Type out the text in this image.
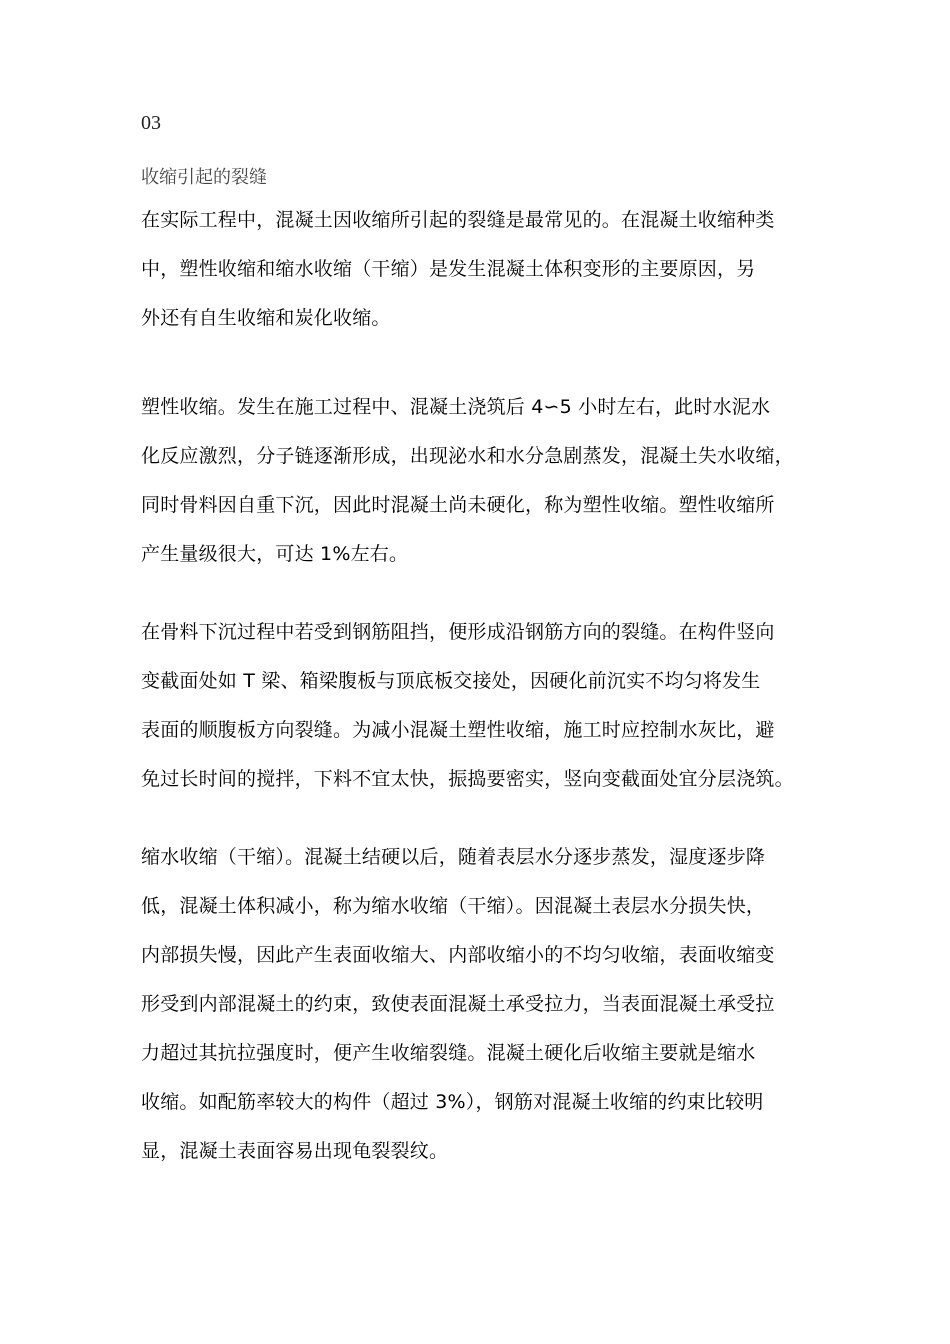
03
收缩引起的裂缝
在实际工程中，混凝土因收缩所引起的裂缝是最常见的。在混凝土收缩种类
中，塑性收缩和缩水收缩（干缩）是发生混凝土体积变形的主要原因，另
外还有自生收缩和炭化收缩。
塑性收缩。发生在施工过程中、混凝土浇筑后 4∽5 小时左右，此时水泥水
化反应激烈，分子链逐渐形成，出现泌水和水分急剧蒸发，混凝土失水收缩，
同时骨料因自重下沉，因此时混凝土尚未硬化，称为塑性收缩。塑性收缩所
产生量级很大，可达 1%左右。
在骨料下沉过程中若受到钢筋阻挡，便形成沿钢筋方向的裂缝。在构件竖向
变截面处如 T 梁、箱梁腹板与顶底板交接处，因硬化前沉实不均匀将发生
表面的顺腹板方向裂缝。为减小混凝土塑性收缩，施工时应控制水灰比，避
免过长时间的搅拌，下料不宜太快，振捣要密实，竖向变截面处宜分层浇筑。
缩水收缩（干缩）。混凝土结硬以后，随着表层水分逐步蒸发，湿度逐步降
低，混凝土体积减小，称为缩水收缩（干缩）。因混凝土表层水分损失快，
内部损失慢，因此产生表面收缩大、内部收缩小的不均匀收缩，表面收缩变
形受到内部混凝土的约束，致使表面混凝土承受拉力，当表面混凝土承受拉
力超过其抗拉强度时，便产生收缩裂缝。混凝土硬化后收缩主要就是缩水
收缩。如配筋率较大的构件（超过 3%），钢筋对混凝土收缩的约束比较明
显，混凝土表面容易出现龟裂裂纹。
